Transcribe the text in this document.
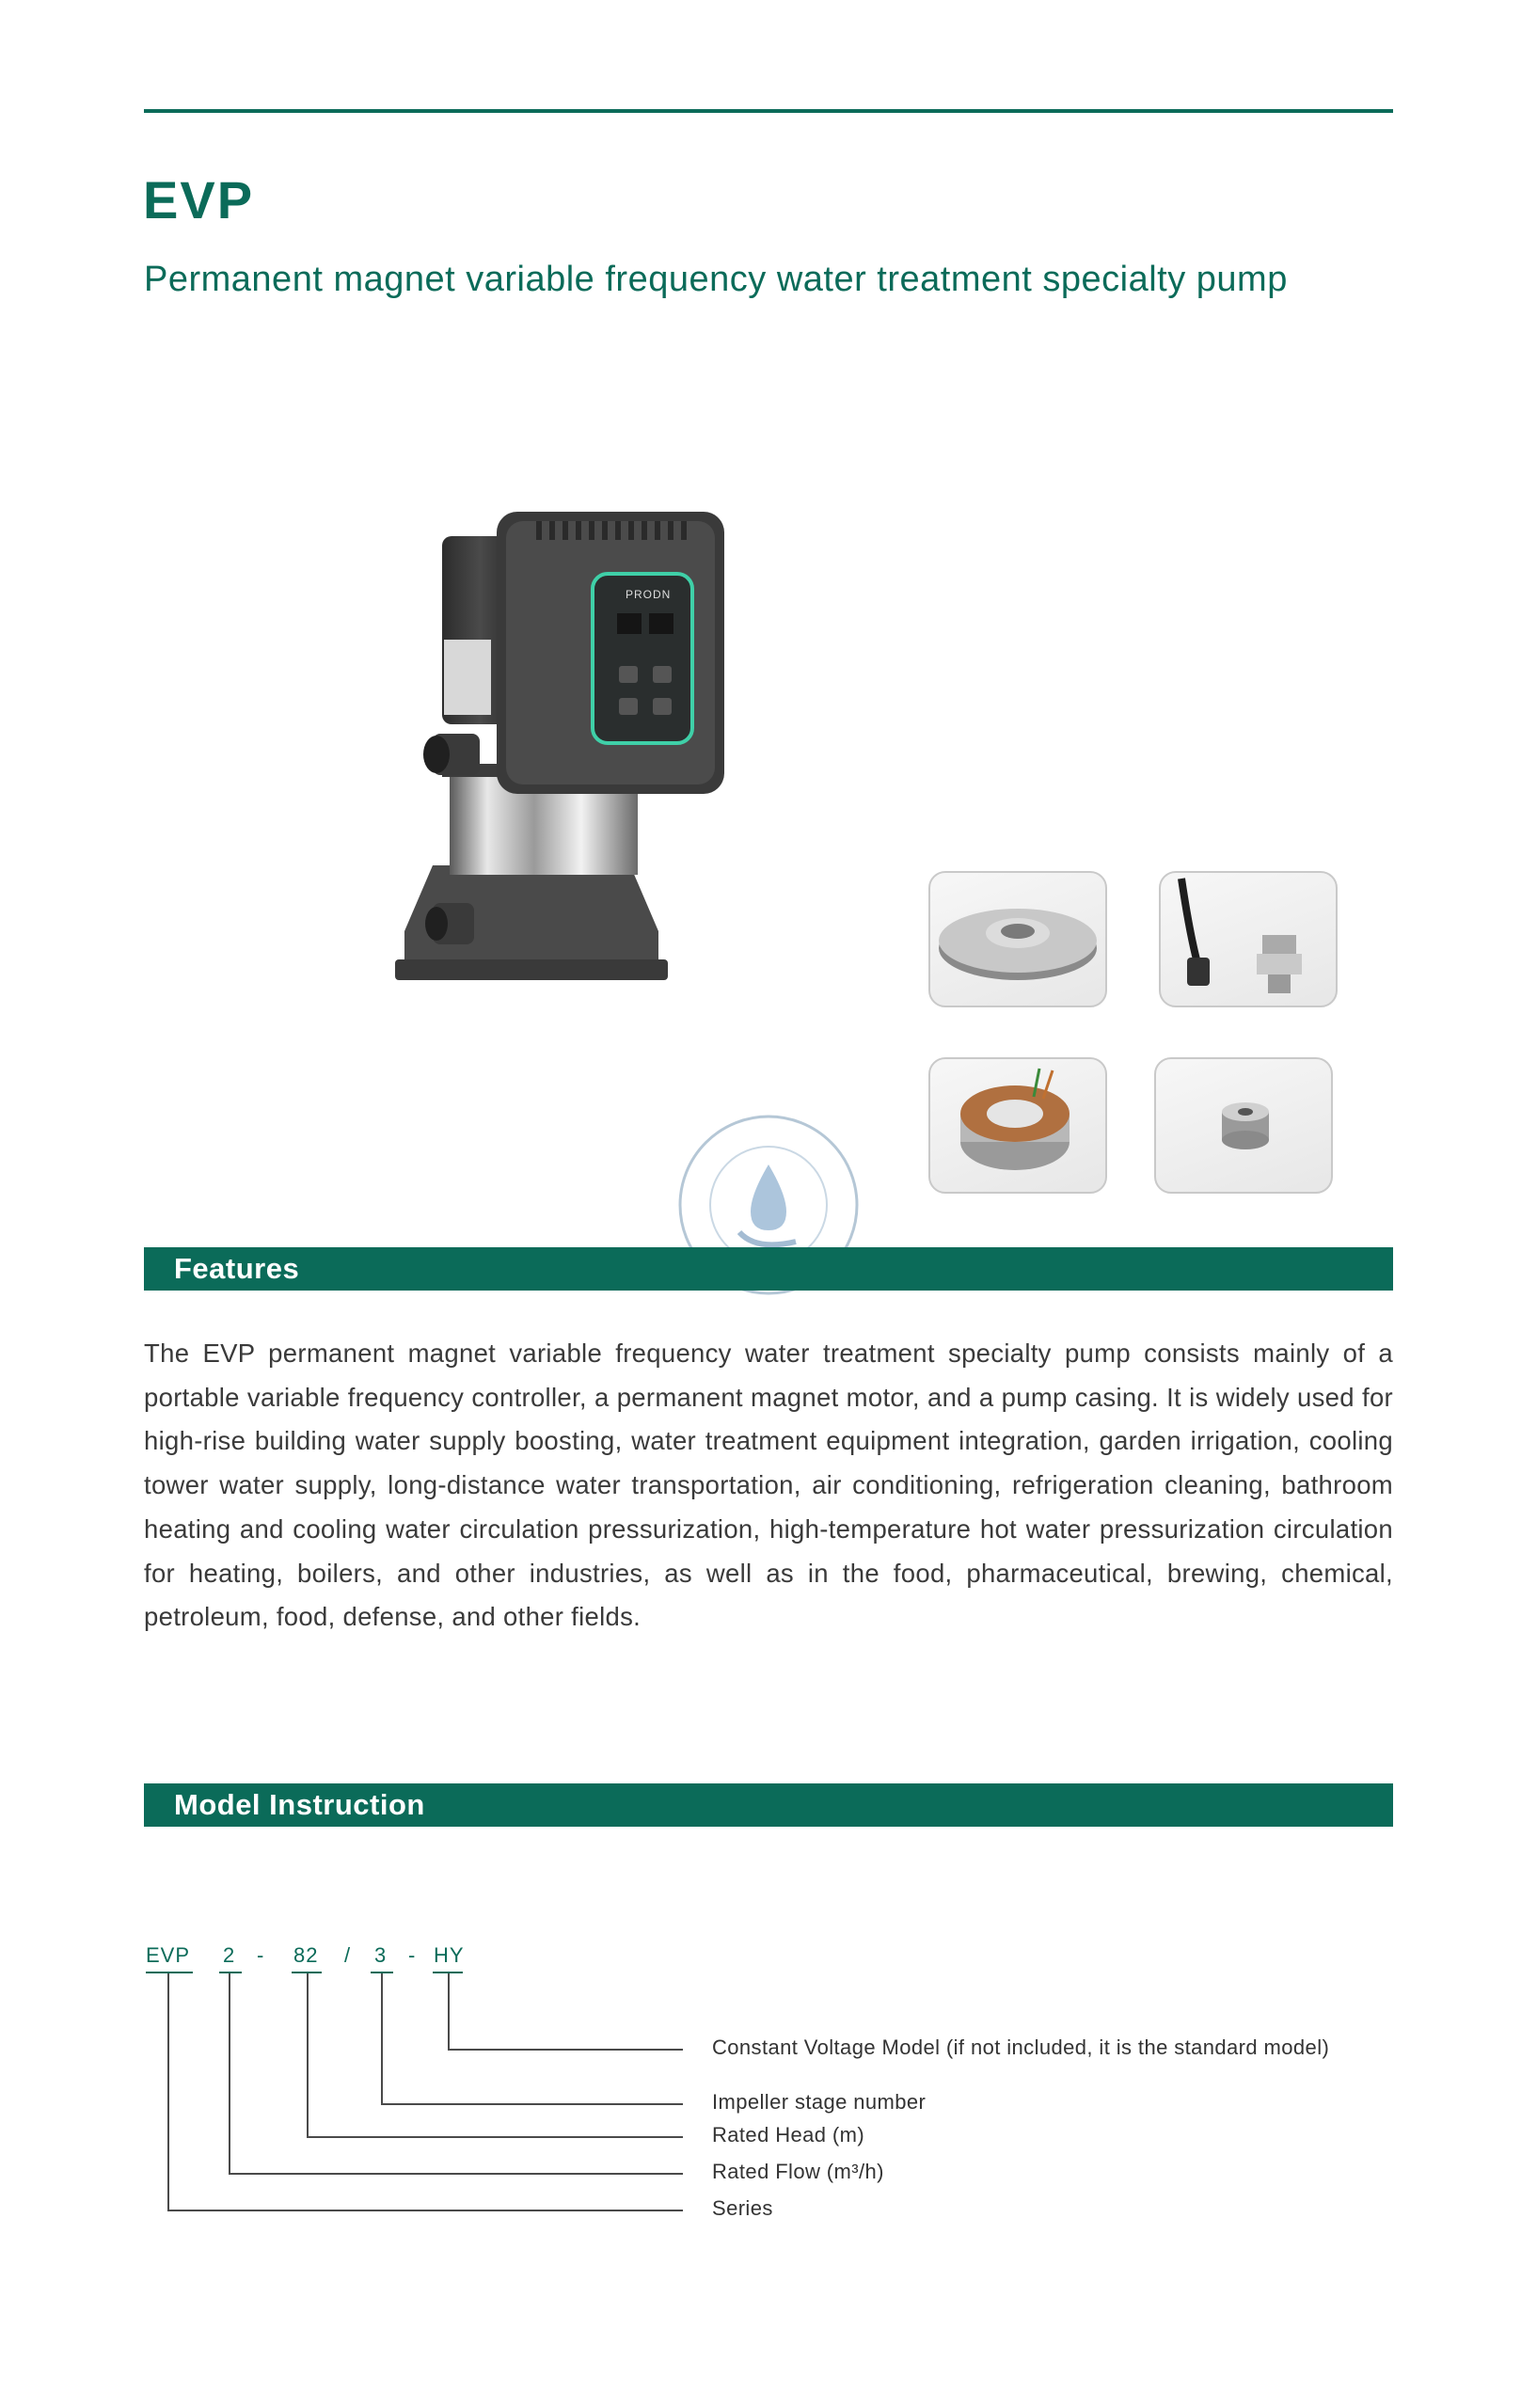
EVP
Permanent magnet variable frequency water treatment specialty pump
PRODN
Features
The EVP permanent magnet variable frequency water treatment specialty pump consists mainly of a portable variable frequency controller, a permanent magnet motor, and a pump casing. It is widely used for high-rise building water supply boosting, water treatment equipment integration, garden irrigation, cooling tower water supply, long-distance water transportation, air conditioning, refrigeration cleaning, bathroom heating and cooling water circulation pressurization, high-temperature hot water pressurization circulation for heating, boilers, and other industries, as well as in the food, pharmaceutical, brewing, chemical, petroleum, food, defense, and other fields.
Model Instruction
EVP 2 - 82 / 3 - HY
Constant Voltage Model (if not included, it is the standard model)
Impeller stage number
Rated Head (m)
Rated Flow (m³/h)
Series
